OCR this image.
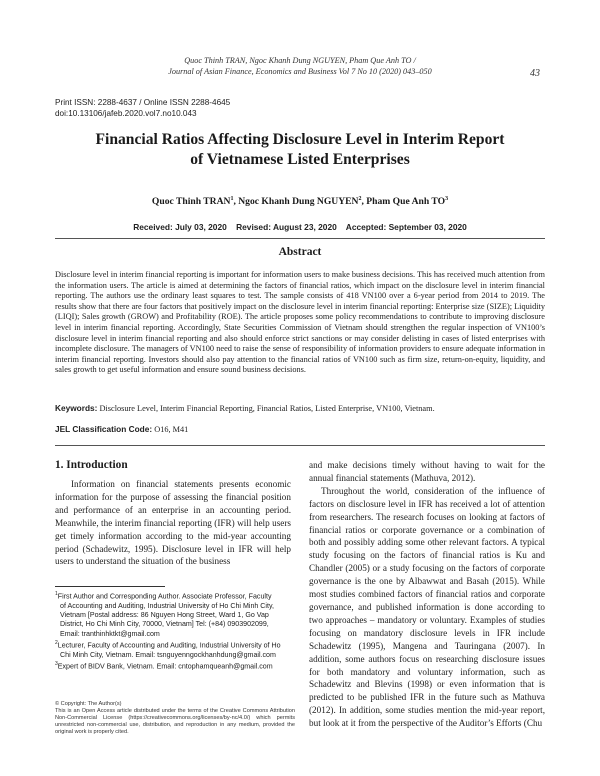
Quoc Thinh TRAN, Ngoc Khanh Dung NGUYEN, Pham Que Anh TO /
Journal of Asian Finance, Economics and Business Vol 7 No 10 (2020) 043–050	43
Print ISSN: 2288-4637 / Online ISSN 2288-4645
doi:10.13106/jafeb.2020.vol7.no10.043
Financial Ratios Affecting Disclosure Level in Interim Report
of Vietnamese Listed Enterprises
Quoc Thinh TRAN$^1$, Ngoc Khanh Dung NGUYEN$^2$, Pham Que Anh $TO^3$
Received: July 03, 2020    Revised: August 23, 2020    Accepted: September 03, 2020
Abstract
Disclosure level in interim financial reporting is important for information users to make business decisions. This has received much attention from the information users. The article is aimed at determining the factors of financial ratios, which impact on the disclosure level in interim financial reporting. The authors use the ordinary least squares to test. The sample consists of 418 VN100 over a 6-year period from 2014 to 2019. The results show that there are four factors that positively impact on the disclosure level in interim financial reporting: Enterprise size (SIZE); Liquidity (LIQI); Sales growth (GROW) and Profitability (ROE). The article proposes some policy recommendations to contribute to improving disclosure level in interim financial reporting. Accordingly, State Securities Commission of Vietnam should strengthen the regular inspection of VN100’s disclosure level in interim financial reporting and also should enforce strict sanctions or may consider delisting in cases of listed enterprises with incomplete disclosure. The managers of VN100 need to raise the sense of responsibility of information providers to ensure adequate information in interim financial reporting. Investors should also pay attention to the financial ratios of VN100 such as firm size, return-on-equity, liquidity, and sales growth to get useful information and ensure sound business decisions.
Keywords: Disclosure Level, Interim Financial Reporting, Financial Ratios, Listed Enterprise, VN100, Vietnam.
JEL Classification Code: O16, M41
1. Introduction
Information on financial statements presents economic information for the purpose of assessing the financial position and performance of an enterprise in an accounting period. Meanwhile, the interim financial reporting (IFR) will help users get timely information according to the mid-year accounting period (Schadewitz, 1995). Disclosure level in IFR will help users to understand the situation of the business

and make decisions timely without having to wait for the annual financial statements (Mathuva, 2012).

Throughout the world, consideration of the influence of factors on disclosure level in IFR has received a lot of attention from researchers. The research focuses on looking at factors of financial ratios or corporate governance or a combination of both and possibly adding some other relevant factors. A typical study focusing on the factors of financial ratios is Ku and Chandler (2005) or a study focusing on the factors of corporate governance is the one by Albawwat and Basah (2015). While most studies combined factors of financial ratios and corporate governance, and published information is done according to two approaches – mandatory or voluntary. Examples of studies focusing on mandatory disclosure levels in IFR include Schadewitz (1995), Mangena and Tauringana (2007). In addition, some authors focus on researching disclosure issues for both mandatory and voluntary information, such as Schadewitz and Blevins (1998) or even information that is predicted to be published IFR in the future such as Mathuva (2012). In addition, some studies mention the mid-year report, but look at it from the perspective of the Auditor’s Efforts (Chu

$^1$First Author and Corresponding Author. Associate Professor, Faculty
of Accounting and Auditing, Industrial University of Ho Chi Minh City,
Vietnam [Postal address: 86 Nguyen Hong Street, Ward 1, Go Vap
District, Ho Chi Minh City, 70000, Vietnam] Tel: (+84) 0903902099,
Email: tranthinhktkt@gmail.com
$^2$Lecturer, Faculty of Accounting and Auditing, Industrial University of Ho
Chi Minh City, Vietnam. Email: tsnguyenngockhanhdung@gmail.com
$^3$Expert of BIDV Bank, Vietnam. Email: cntophamqueanh@gmail.com
© Copyright: The Author(s)
This is an Open Access article distributed under the terms of the Creative Commons Attribution Non-Commercial License (https://creativecommons.org/licenses/by-nc/4.0/) which permits unrestricted non-commercial use, distribution, and reproduction in any medium, provided the original work is properly cited.
